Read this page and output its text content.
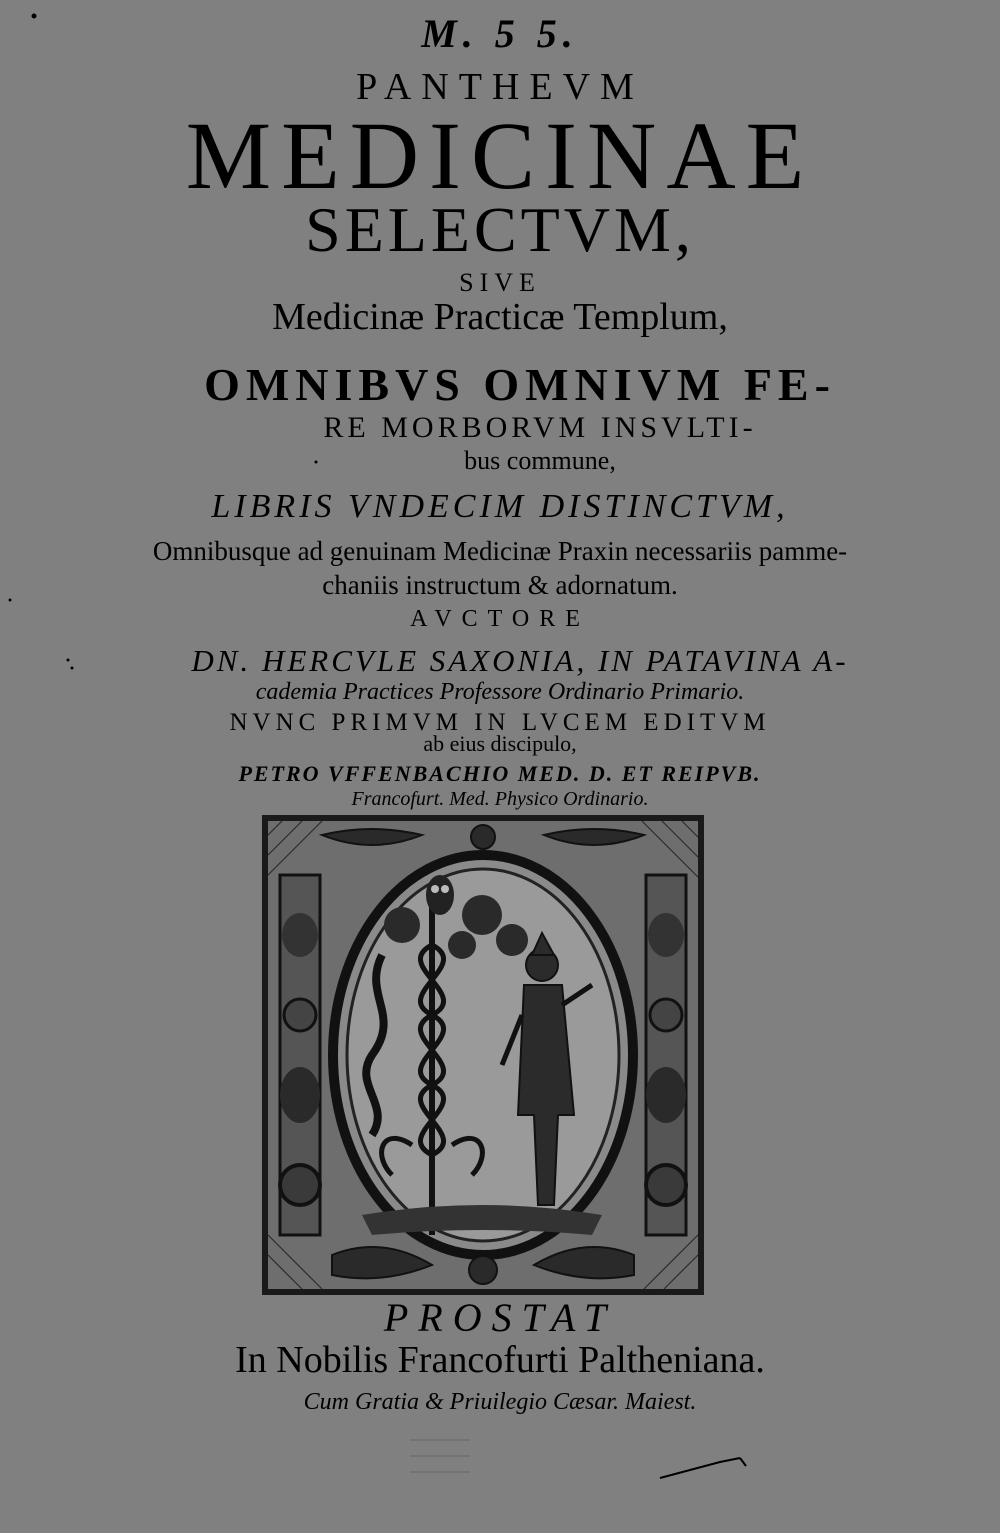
M. 5 5.
PANTHEVM
MEDICINAE
SELECTVM,
SIVE
Medicinæ Practicæ Templum,
OMNIBVS OMNIVM FE-
RE MORBORVM INSVLTI-
bus commune,
LIBRIS VNDECIM DISTINCTVM,
Omnibusque ad genuinam Medicinæ Praxin necessariis pamme-
chaniis instructum & adornatum.
AVCTORE
DN. HERCVLE SAXONIA, IN PATAVINA A-
cademia Practices Professore Ordinario Primario.
NVNC PRIMVM IN LVCEM EDITVM
ab eius discipulo,
PETRO VFFENBACHIO MED. D. ET REIPVB.
Francofurt. Med. Physico Ordinario.
PROSTAT
In Nobilis Francofurti Paltheniana.
Cum Gratia & Priuilegio Cæsar. Maiest.
